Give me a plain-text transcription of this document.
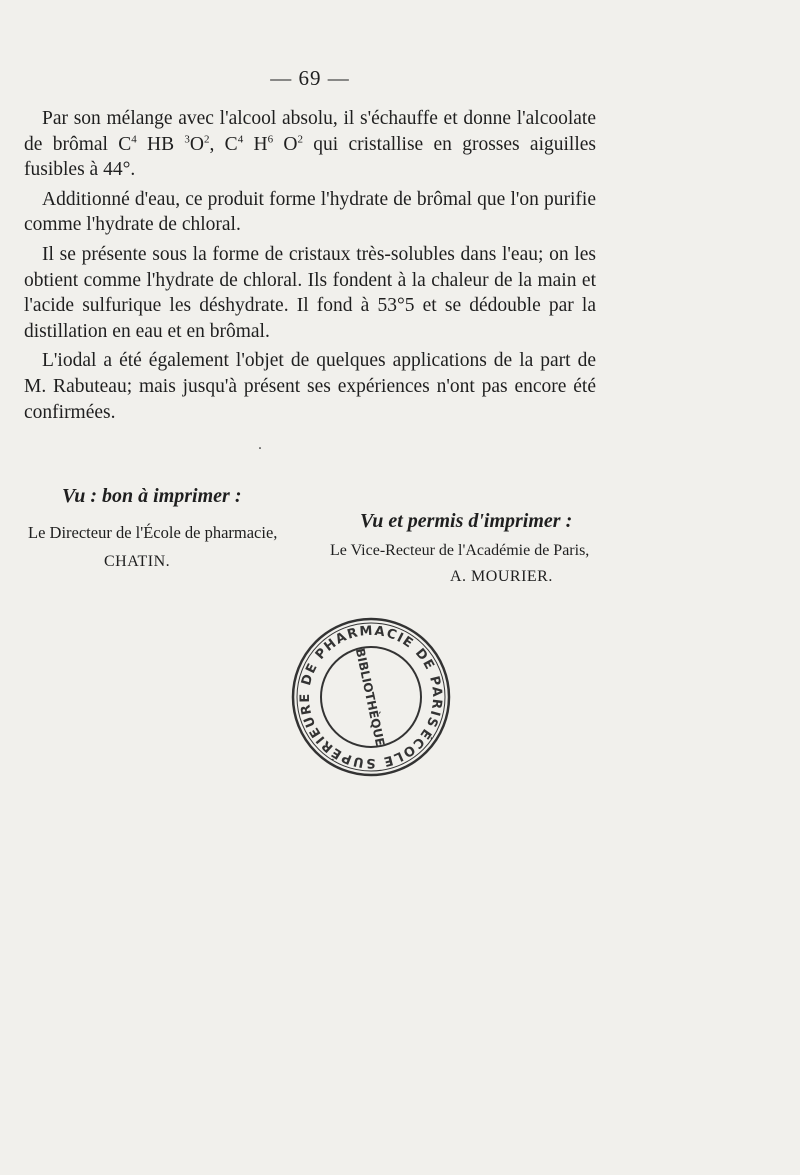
— 69 —

Par son mélange avec l'alcool absolu, il s'échauffe et donne l'alcoolate de brômal $C^4$ HB $^3O^2$, $C^4$ $H^6$ $O^2$ qui cristallise en grosses aiguilles fusibles à 44°.

Additionné d'eau, ce produit forme l'hydrate de brômal que l'on purifie comme l'hydrate de chloral.

Il se présente sous la forme de cristaux très-solubles dans l'eau; on les obtient comme l'hydrate de chloral. Ils fondent à la chaleur de la main et l'acide sulfurique les déshydrate. Il fond à 53°5 et se dédouble par la distillation en eau et en brômal.

L'iodal a été également l'objet de quelques applications de la part de M. Rabuteau; mais jusqu'à présent ses expériences n'ont pas encore été confirmées.

.
Vu : bon à imprimer :
Le Directeur de l'École de pharmacie,
CHATIN.
Vu et permis d'imprimer :
Le Vice-Recteur de l'Académie de Paris,
A. MOURIER.
ÉCOLE SUPÉRIEURE DE PHARMACIE DE PARIS
BIBLIOTHÈQUE
